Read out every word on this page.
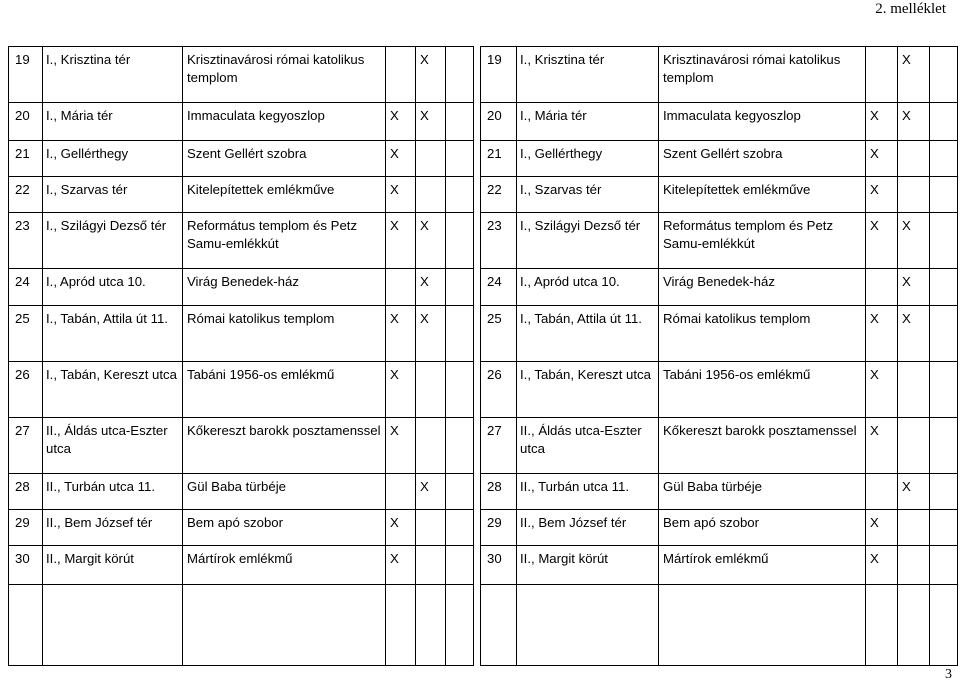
2. melléklet
19	I., Krisztina tér	Krisztinavárosi római katolikus templom		X	
20	I., Mária tér	Immaculata kegyoszlop	X	X	
21	I., Gellérthegy	Szent Gellért szobra	X		
22	I., Szarvas tér	Kitelepítettek emlékműve	X		
23	I., Szilágyi Dezső tér	Református templom és Petz Samu-emlékkút	X	X	
24	I., Apród utca 10.	Virág Benedek-ház		X	
25	I., Tabán, Attila út 11.	Római katolikus templom	X	X	
26	I., Tabán, Kereszt utca	Tabáni 1956-os emlékmű	X		
27	II., Áldás utca-Eszter utca	Kőkereszt barokk posztamenssel	X		
28	II., Turbán utca 11.	Gül Baba türbéje		X	
29	II., Bem József tér	Bem apó szobor	X		
30	II., Margit körút	Mártírok emlékmű	X		

19	I., Krisztina tér	Krisztinavárosi római katolikus templom		X	
20	I., Mária tér	Immaculata kegyoszlop	X	X	
21	I., Gellérthegy	Szent Gellért szobra	X		
22	I., Szarvas tér	Kitelepítettek emlékműve	X		
23	I., Szilágyi Dezső tér	Református templom és Petz Samu-emlékkút	X	X	
24	I., Apród utca 10.	Virág Benedek-ház		X	
25	I., Tabán, Attila út 11.	Római katolikus templom	X	X	
26	I., Tabán, Kereszt utca	Tabáni 1956-os emlékmű	X		
27	II., Áldás utca-Eszter utca	Kőkereszt barokk posztamenssel	X		
28	II., Turbán utca 11.	Gül Baba türbéje		X	
29	II., Bem József tér	Bem apó szobor	X		
30	II., Margit körút	Mártírok emlékmű	X		

3
